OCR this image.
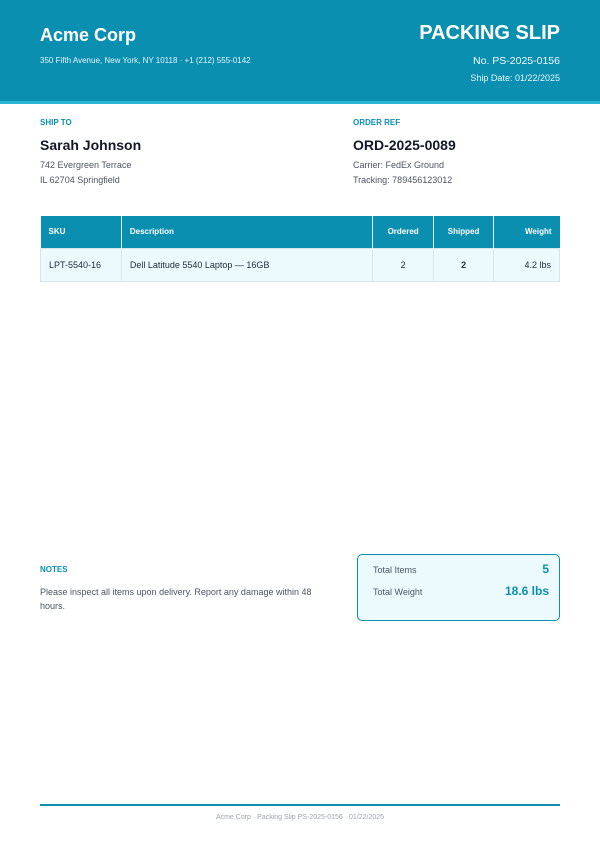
Acme Corp
350 Fifth Avenue, New York, NY 10118 · +1 (212) 555-0142
PACKING SLIP
No. PS-2025-0156
Ship Date: 01/22/2025
SHIP TO
Sarah Johnson
742 Evergreen Terrace
IL 62704 Springfield
ORDER REF
ORD-2025-0089
Carrier: FedEx Ground
Tracking: 789456123012
SKU	Description	Ordered	Shipped	Weight
LPT-5540-16	Dell Latitude 5540 Laptop — 16GB	2	2	4.2 lbs
NOTES
Please inspect all items upon delivery. Report any damage within 48 hours.
Total Items	5
Total Weight	18.6 lbs
Acme Corp · Packing Slip PS-2025-0156 · 01/22/2025
